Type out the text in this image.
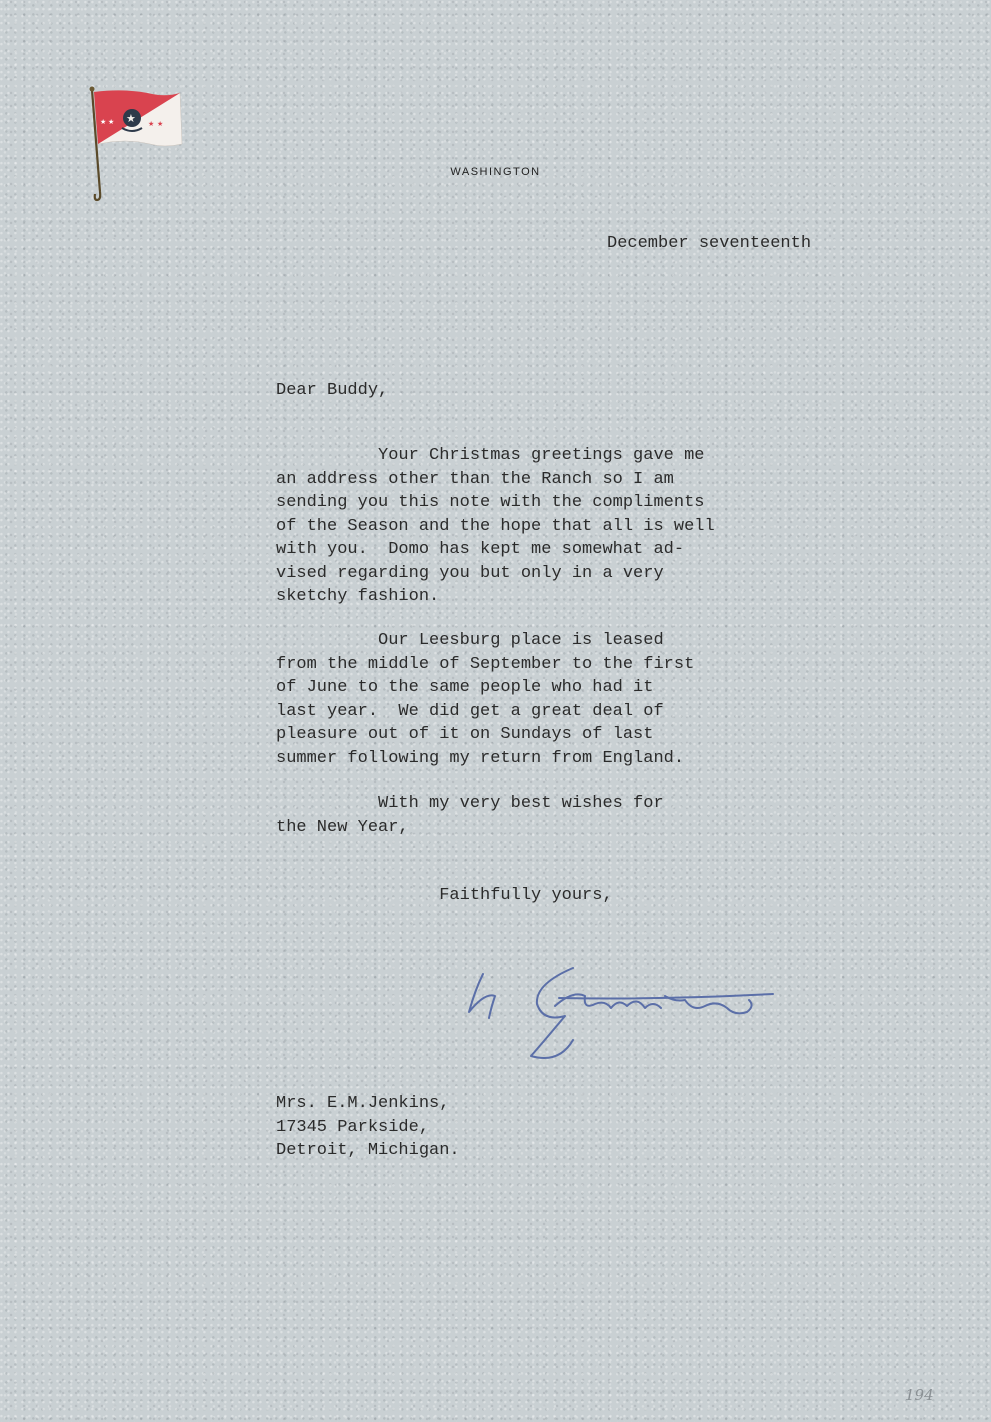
★ ★	★ ★
★
WASHINGTON
December seventeenth
Dear Buddy,
Your Christmas greetings gave me
an address other than the Ranch so I am
sending you this note with the compliments
of the Season and the hope that all is well
with you.  Domo has kept me somewhat ad-
vised regarding you but only in a very
sketchy fashion.
Our Leesburg place is leased
from the middle of September to the first
of June to the same people who had it
last year.  We did get a great deal of
pleasure out of it on Sundays of last
summer following my return from England.
With my very best wishes for
the New Year,
Faithfully yours,
Mrs. E.M.Jenkins,
17345 Parkside,
Detroit, Michigan.
194
